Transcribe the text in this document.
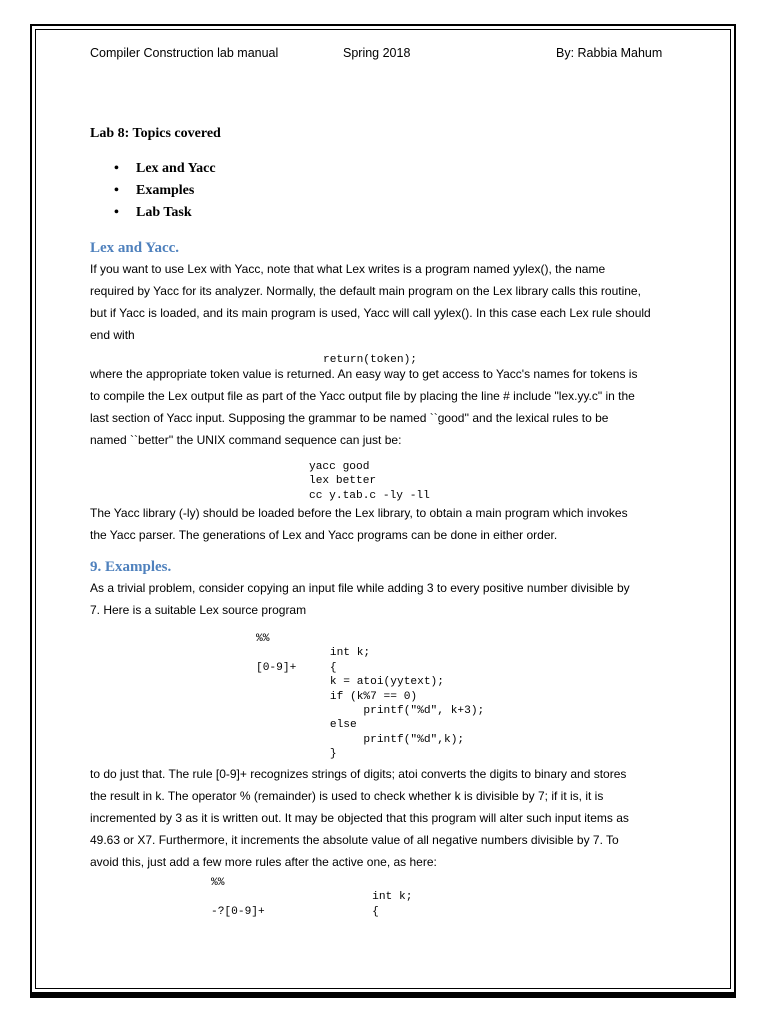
Compiler Construction lab manual	Spring 2018	By: Rabbia Mahum
Lab 8: Topics covered
• Lex and Yacc
• Examples
• Lab Task
Lex and Yacc.
If you want to use Lex with Yacc, note that what Lex writes is a program named yylex(), the name
required by Yacc for its analyzer. Normally, the default main program on the Lex library calls this routine,
but if Yacc is loaded, and its main program is used, Yacc will call yylex(). In this case each Lex rule should
end with
return(token);
where the appropriate token value is returned. An easy way to get access to Yacc's names for tokens is
to compile the Lex output file as part of the Yacc output file by placing the line # include "lex.yy.c" in the
last section of Yacc input. Supposing the grammar to be named ``good'' and the lexical rules to be
named ``better'' the UNIX command sequence can just be:
yacc good
lex better
cc y.tab.c -ly -ll
The Yacc library (-ly) should be loaded before the Lex library, to obtain a main program which invokes
the Yacc parser. The generations of Lex and Yacc programs can be done in either order.
9. Examples.
As a trivial problem, consider copying an input file while adding 3 to every positive number divisible by
7. Here is a suitable Lex source program
%%
int k;
[0-9]+     {
k = atoi(yytext);
if (k%7 == 0)
printf("%d", k+3);
else
printf("%d",k);
}
to do just that. The rule [0-9]+ recognizes strings of digits; atoi converts the digits to binary and stores
the result in k. The operator % (remainder) is used to check whether k is divisible by 7; if it is, it is
incremented by 3 as it is written out. It may be objected that this program will alter such input items as
49.63 or X7. Furthermore, it increments the absolute value of all negative numbers divisible by 7. To
avoid this, just add a few more rules after the active one, as here:
%%
int k;
-?[0-9]+                {
